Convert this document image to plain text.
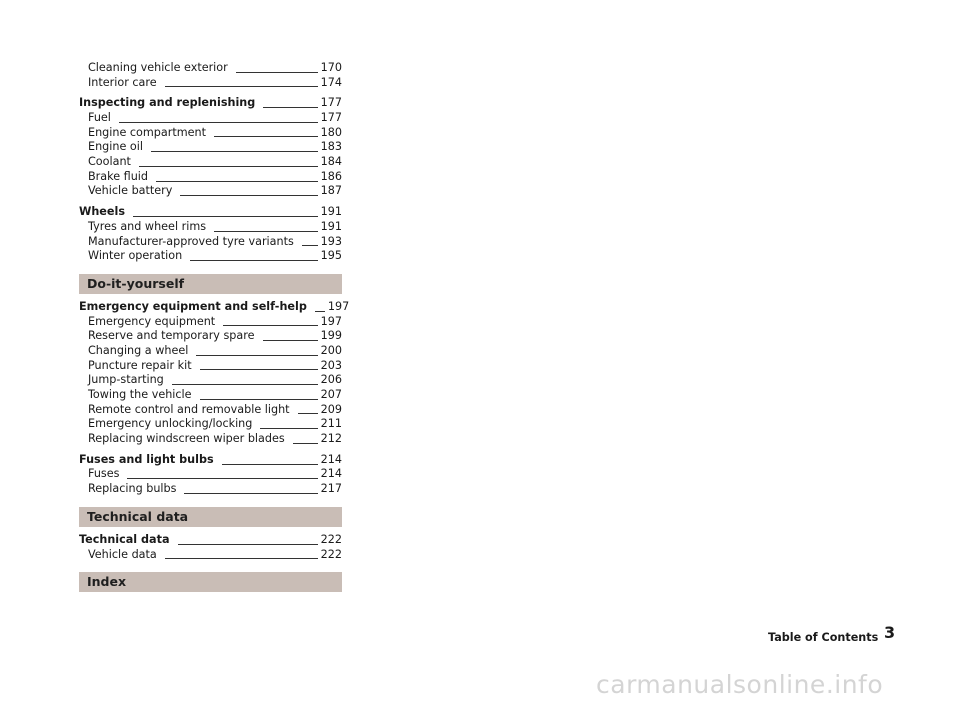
Cleaning vehicle exterior	170
Interior care	174
Inspecting and replenishing	177
Fuel	177
Engine compartment	180
Engine oil	183
Coolant	184
Brake fluid	186
Vehicle battery	187
Wheels	191
Tyres and wheel rims	191
Manufacturer-approved tyre variants 193
Winter operation	195
Do-it-yourself
Emergency equipment and self-help 197
Emergency equipment	197
Reserve and temporary spare	199
Changing a wheel	200
Puncture repair kit	203
Jump-starting	206
Towing the vehicle	207
Remote control and removable light	209
Emergency unlocking/locking	211
Replacing windscreen wiper blades	212
Fuses and light bulbs	214
Fuses	214
Replacing bulbs	217
Technical data
Technical data	222
Vehicle data	222
Index
Table of Contents 3
carmanualsonline.info
